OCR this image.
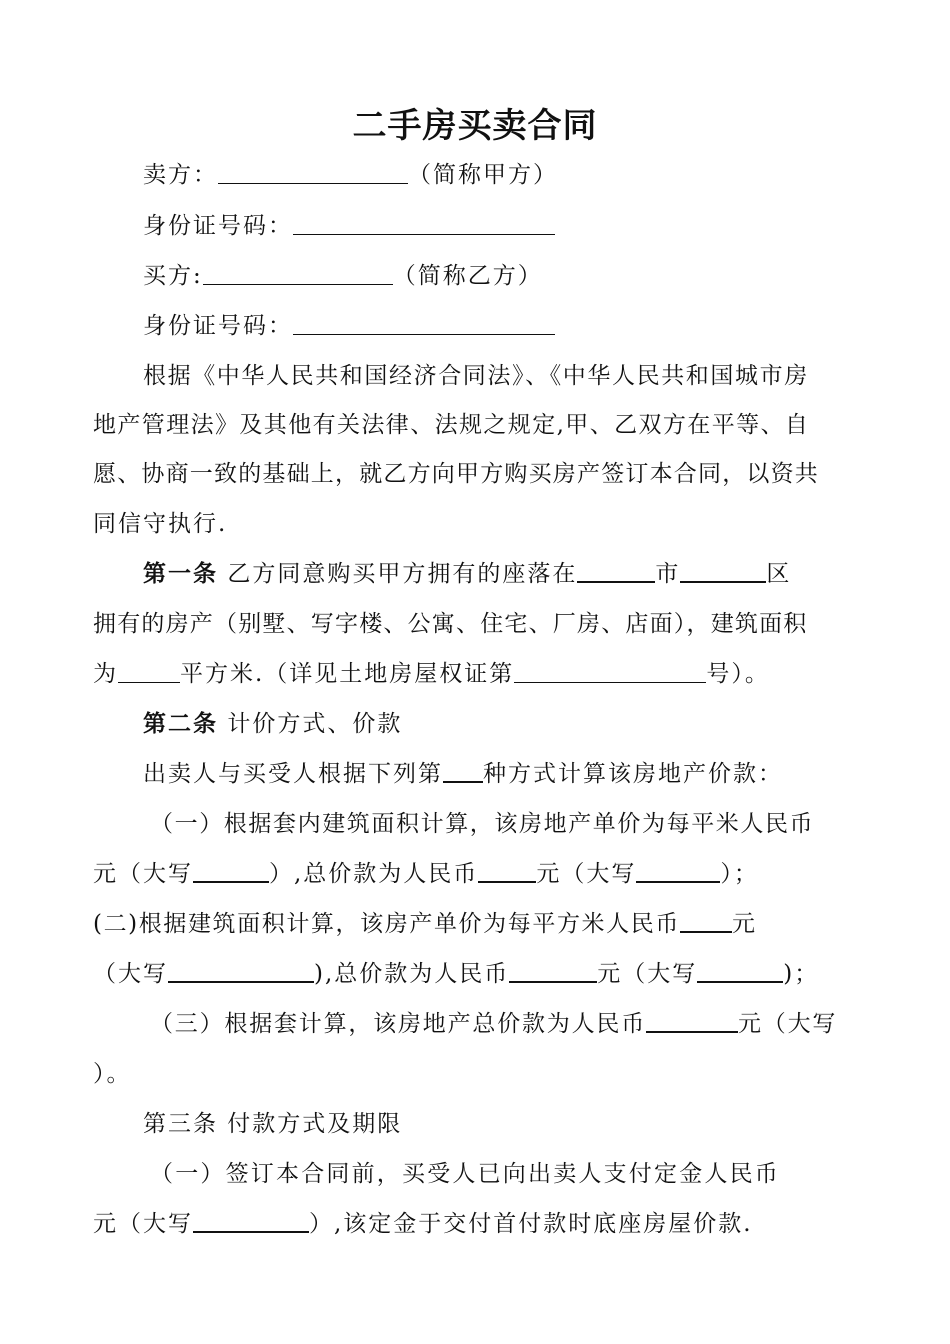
二手房买卖合同
卖方：	（简称甲方）
身份证号码：
买方:	（简称乙方）
身份证号码：
根据《中华人民共和国经济合同法》、《中华人民共和国城市房
地产管理法》及其他有关法律、法规之规定,甲、乙双方在平等、自
愿、协商一致的基础上，就乙方向甲方购买房产签订本合同，以资共
同信守执行.
第一条 乙方同意购买甲方拥有的座落在	市	区
拥有的房产（别墅、写字楼、公寓、住宅、厂房、店面），建筑面积
为	平方米.（详见土地房屋权证第	号）。
第二条 计价方式、价款
出卖人与买受人根据下列第 种方式计算该房地产价款：
（一）根据套内建筑面积计算，该房地产单价为每平米人民币
元（大写	）,总价款为人民币	元（大写	）；
(二)根据建筑面积计算，该房产单价为每平方米人民币 元
（大写	),总价款为人民币	元（大写	)；
（三）根据套计算，该房地产总价款为人民币	元（大写
）。
第三条 付款方式及期限
（一）签订本合同前，买受人已向出卖人支付定金人民币
元（大写	）,该定金于交付首付款时底座房屋价款.
